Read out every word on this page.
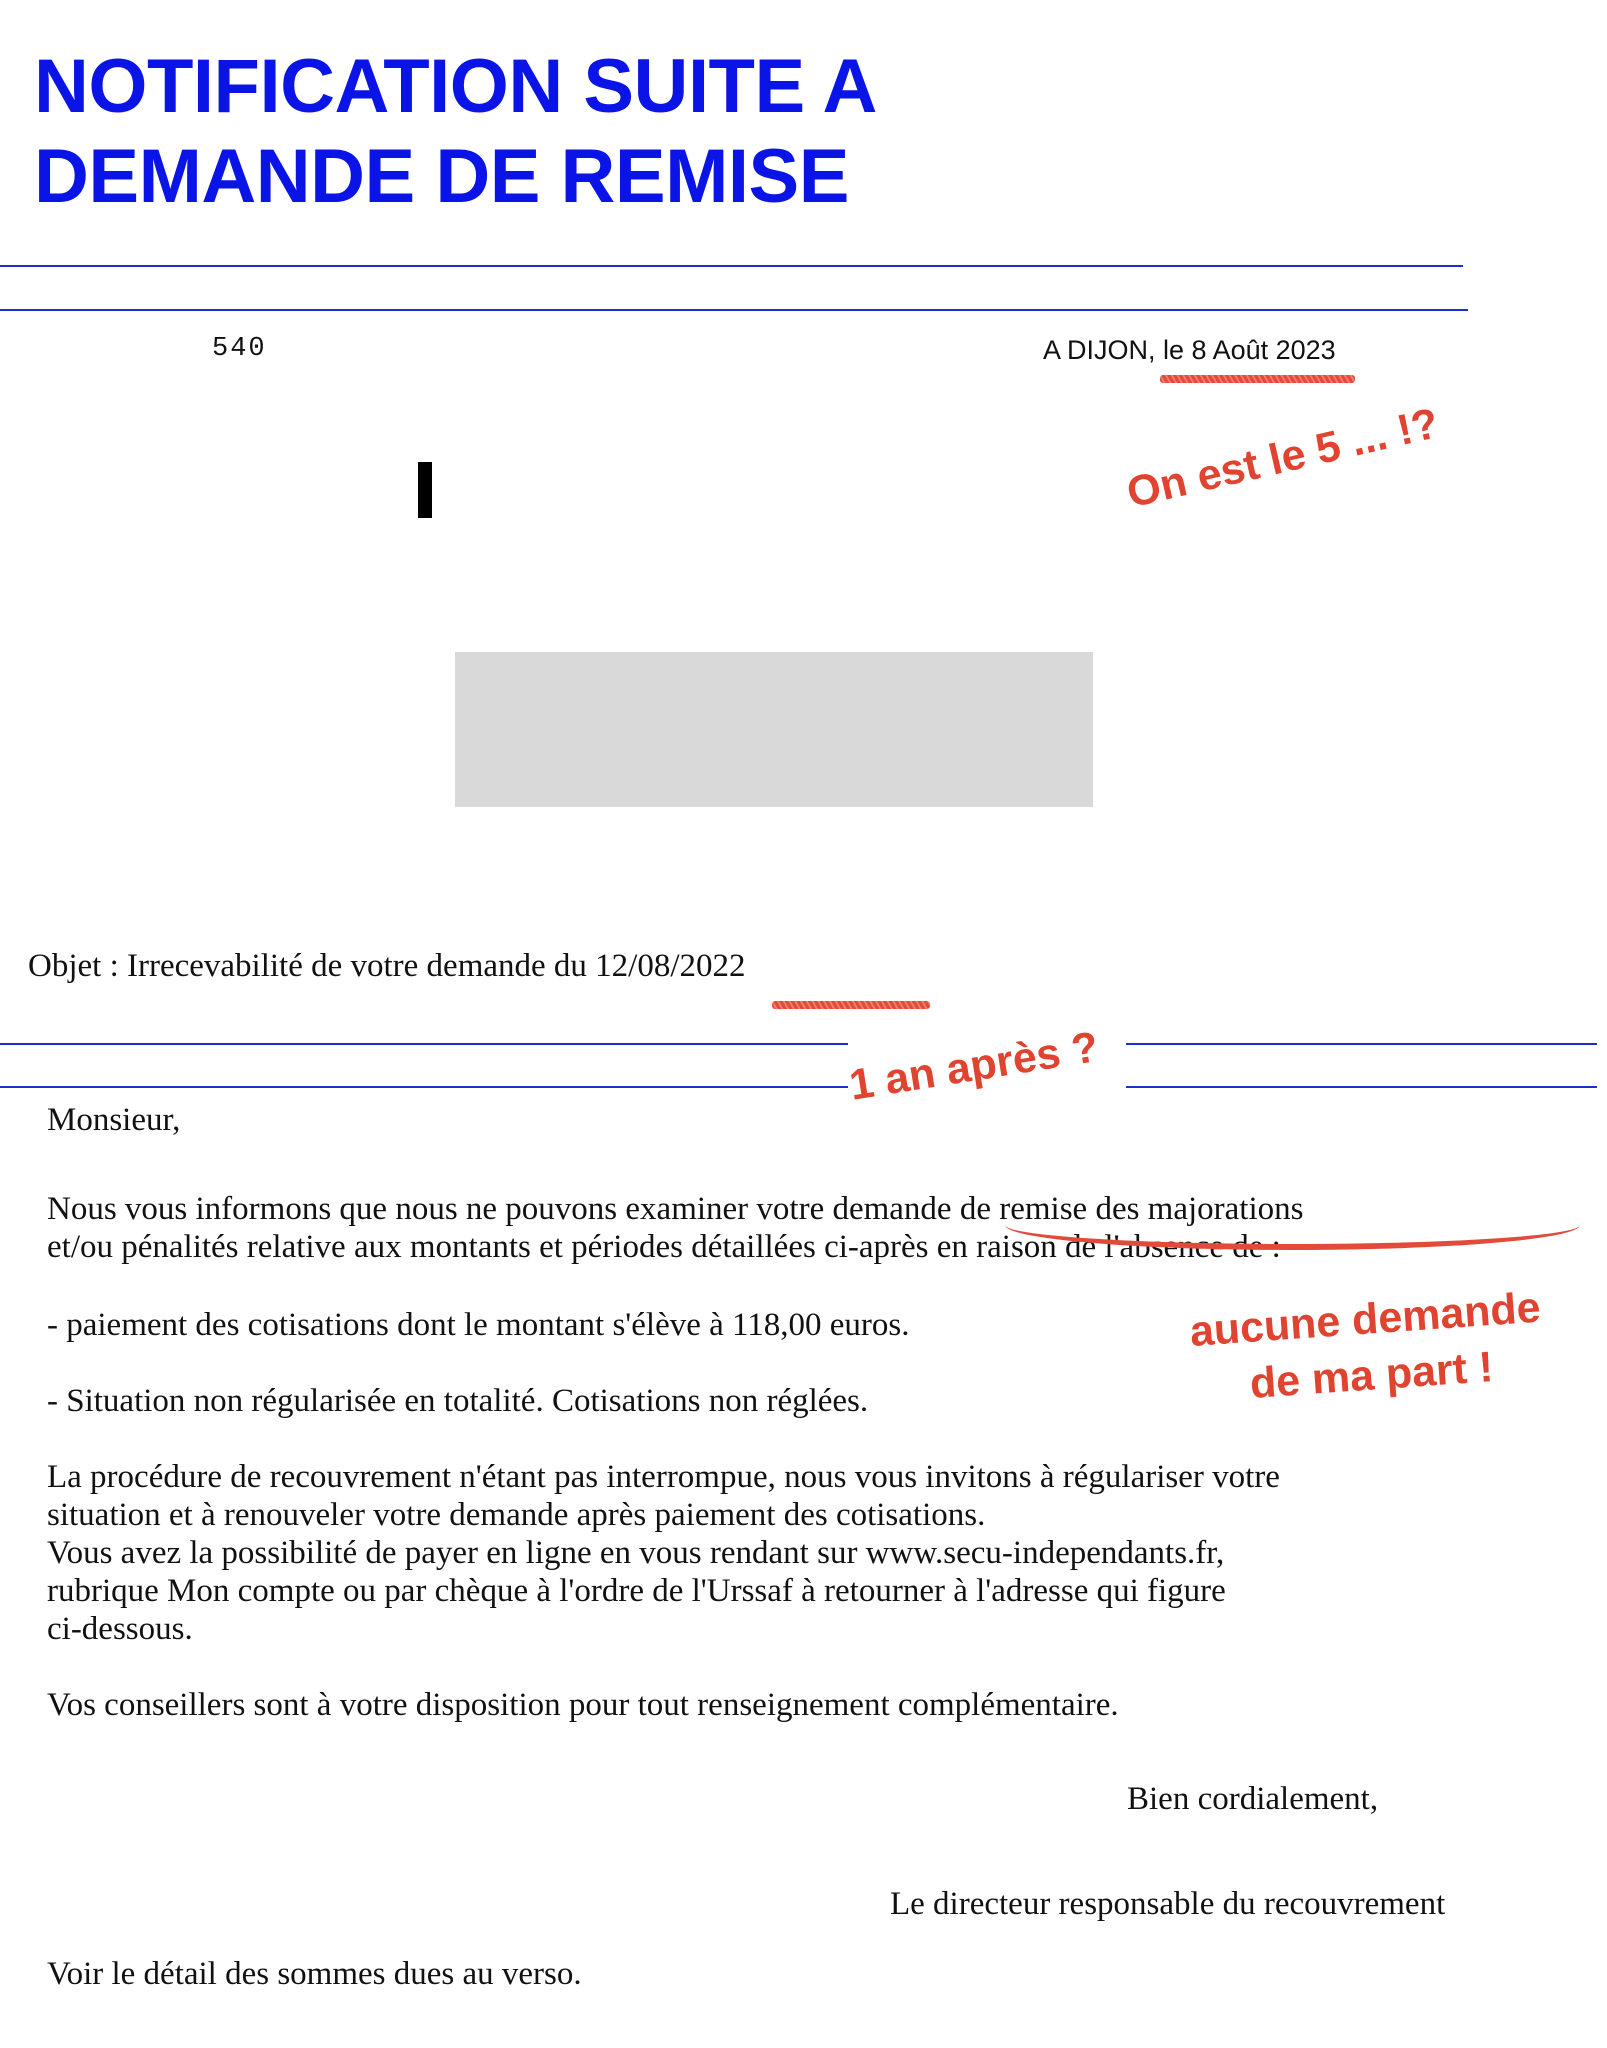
NOTIFICATION SUITE A
DEMANDE DE REMISE
540	A DIJON, le 8 Août 2023
On est le 5 ... !?
Objet : Irrecevabilité de votre demande du 12/08/2022
1 an après ?
Monsieur,
Nous vous informons que nous ne pouvons examiner votre demande de remise des majorations
et/ou pénalités relative aux montants et périodes détaillées ci-après en raison de l'absence de :
- paiement des cotisations dont le montant s'élève à 118,00 euros.
- Situation non régularisée en totalité. Cotisations non réglées.
aucune demande
de ma part !
La procédure de recouvrement n'étant pas interrompue, nous vous invitons à régulariser votre
situation et à renouveler votre demande après paiement des cotisations.
Vous avez la possibilité de payer en ligne en vous rendant sur www.secu-independants.fr,
rubrique Mon compte ou par chèque à l'ordre de l'Urssaf à retourner à l'adresse qui figure
ci-dessous.
Vos conseillers sont à votre disposition pour tout renseignement complémentaire.
Bien cordialement,
Le directeur responsable du recouvrement
Voir le détail des sommes dues au verso.
